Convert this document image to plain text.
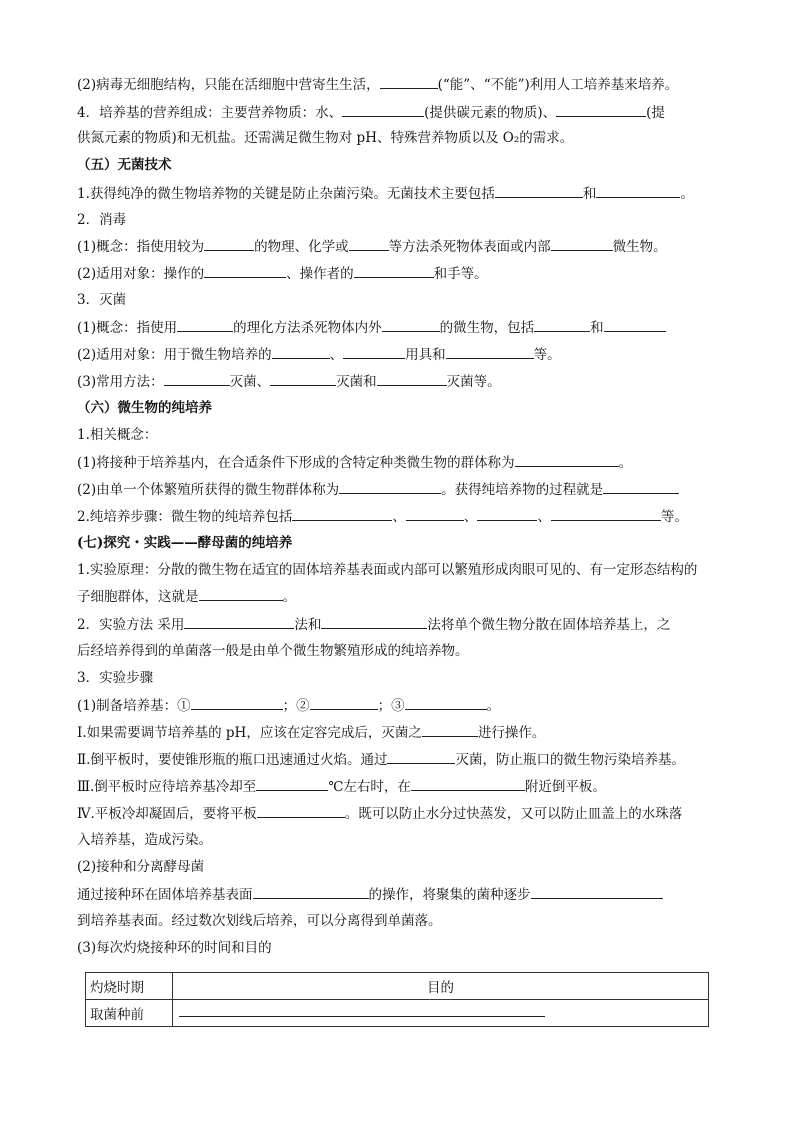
(2)病毒无细胞结构，只能在活细胞中营寄生生活，	(“能”、“不能”)利用人工培养基来培养。
4．培养基的营养组成：主要营养物质：水、	(提供碳元素的物质)、	(提
供氮元素的物质)和无机盐。还需满足微生物对 pH、特殊营养物质以及 O₂的需求。
（五）无菌技术
1.获得纯净的微生物培养物的关键是防止杂菌污染。无菌技术主要包括	和	。
2．消毒
(1)概念：指使用较为	的物理、化学或	等方法杀死物体表面或内部	微生物。
(2)适用对象：操作的	、操作者的	和手等。
3．灭菌
(1)概念：指使用	的理化方法杀死物体内外	的微生物，包括	和
(2)适用对象：用于微生物培养的	、	用具和	等。
(3)常用方法：	灭菌、	灭菌和	灭菌等。
（六）微生物的纯培养
1.相关概念：
(1)将接种于培养基内，在合适条件下形成的含特定种类微生物的群体称为	。
(2)由单一个体繁殖所获得的微生物群体称为	。获得纯培养物的过程就是
2.纯培养步骤：微生物的纯培养包括	、	、	、	等。
(七)探究・实践——酵母菌的纯培养
1.实验原理：分散的微生物在适宜的固体培养基表面或内部可以繁殖形成肉眼可见的、有一定形态结构的
子细胞群体，这就是	。
2．实验方法 采用	法和	法将单个微生物分散在固体培养基上，之
后经培养得到的单菌落一般是由单个微生物繁殖形成的纯培养物。
3．实验步骤
(1)制备培养基：①	；②	；③	。
Ⅰ.如果需要调节培养基的 pH，应该在定容完成后，灭菌之	进行操作。
Ⅱ.倒平板时，要使锥形瓶的瓶口迅速通过火焰。通过	灭菌，防止瓶口的微生物污染培养基。
Ⅲ.倒平板时应待培养基冷却至	℃左右时，在	附近倒平板。
Ⅳ.平板冷却凝固后，要将平板	。既可以防止水分过快蒸发，又可以防止皿盖上的水珠落
入培养基，造成污染。
(2)接种和分离酵母菌
通过接种环在固体培养基表面	的操作，将聚集的菌种逐步
到培养基表面。经过数次划线后培养，可以分离得到单菌落。
(3)每次灼烧接种环的时间和目的
灼烧时期	目的
取菌种前	
